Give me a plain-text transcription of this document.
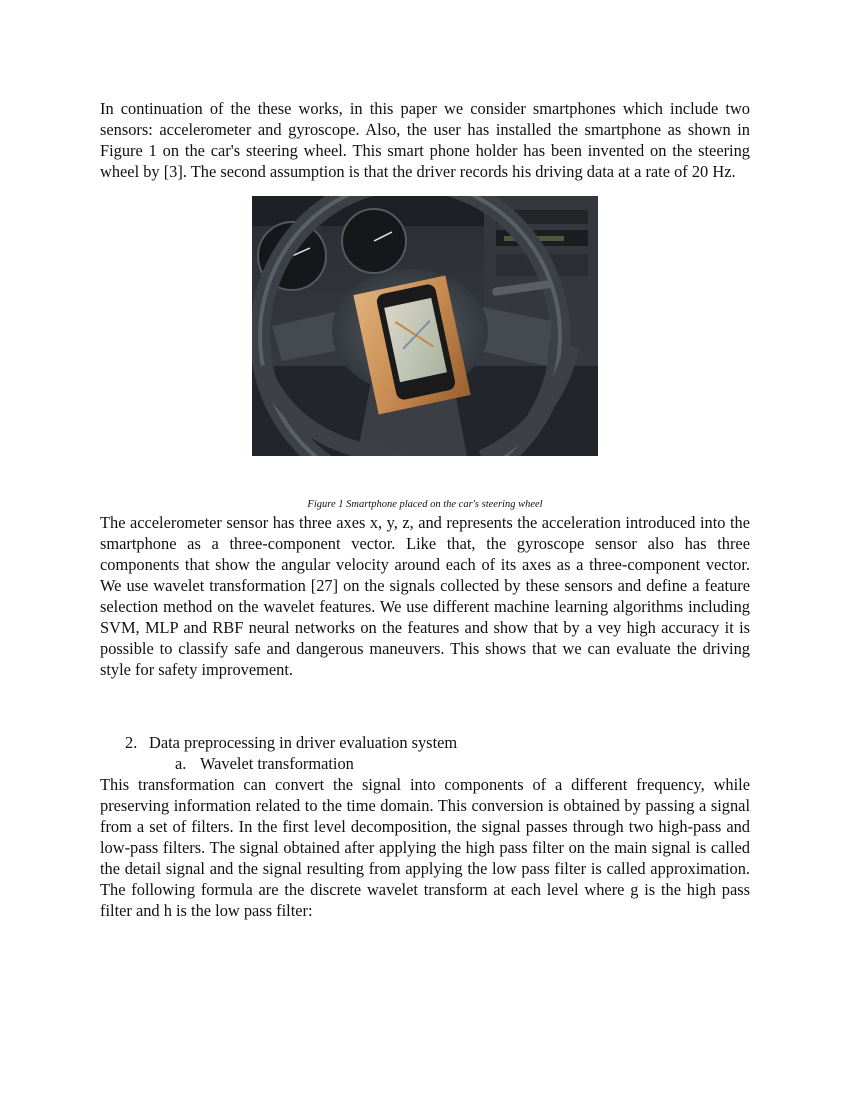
In continuation of the these works, in this paper we consider smartphones which include two sensors: accelerometer and gyroscope. Also, the user has installed the smartphone as shown in Figure 1 on the car's steering wheel. This smart phone holder has been invented on the steering wheel by [3]. The second assumption is that the driver records his driving data at a rate of 20 Hz.

Figure 1 Smartphone placed on the car's steering wheel

The accelerometer sensor has three axes x, y, z, and represents the acceleration introduced into the smartphone as a three-component vector. Like that, the gyroscope sensor also has three components that show the angular velocity around each of its axes as a three-component vector. We use wavelet transformation [27] on the signals collected by these sensors and define a feature selection method on the wavelet features. We use different machine learning algorithms including SVM, MLP and RBF neural networks on the features and show that by a vey high accuracy it is possible to classify safe and dangerous maneuvers. This shows that we can evaluate the driving style for safety improvement.

2. Data preprocessing in driver evaluation system
a. Wavelet transformation

This transformation can convert the signal into components of a different frequency, while preserving information related to the time domain. This conversion is obtained by passing a signal from a set of filters. In the first level decomposition, the signal passes through two high-pass and low-pass filters. The signal obtained after applying the high pass filter on the main signal is called the detail signal and the signal resulting from applying the low pass filter is called approximation. The following formula are the discrete wavelet transform at each level where g is the high pass filter and h is the low pass filter:
